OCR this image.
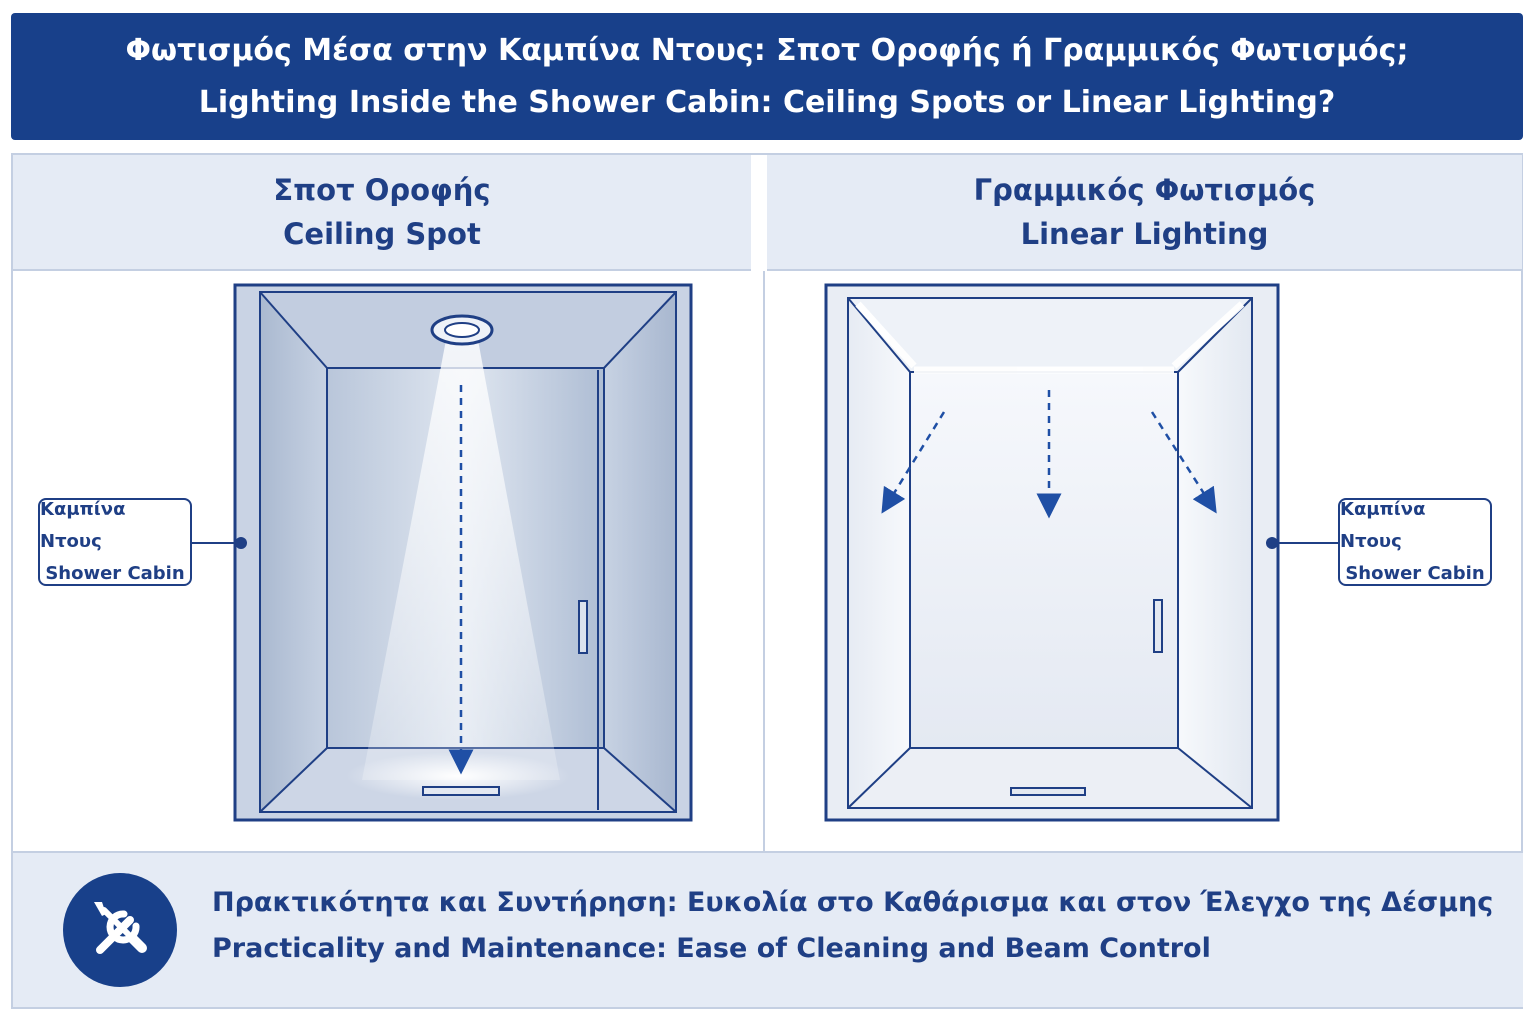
Φωτισμός Μέσα στην Καμπίνα Ντους: Σποτ Οροφής ή Γραμμικός Φωτισμός;
Lighting Inside the Shower Cabin: Ceiling Spots or Linear Lighting?
Σποτ Οροφής
Ceiling Spot
Γραμμικός Φωτισμός
Linear Lighting
Καμπίνα Ντους
Shower Cabin
Καμπίνα Ντους
Shower Cabin
Πρακτικότητα και Συντήρηση: Ευκολία στο Καθάρισμα και στον Έλεγχο της Δέσμης
Practicality and Maintenance: Ease of Cleaning and Beam Control
